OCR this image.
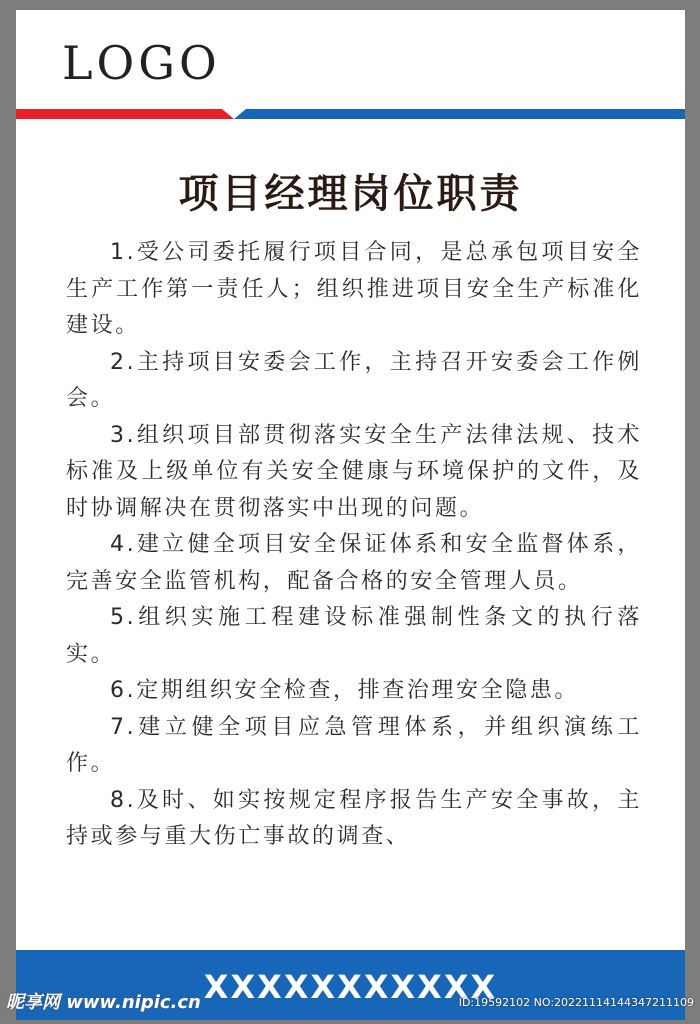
LOGO
项目经理岗位职责

1.受公司委托履行项目合同，是总承包项目安全生产工作第一责任人；组织推进项目安全生产标准化建设。

2.主持项目安委会工作，主持召开安委会工作例会。

3.组织项目部贯彻落实安全生产法律法规、技术标准及上级单位有关安全健康与环境保护的文件，及时协调解决在贯彻落实中出现的问题。

4.建立健全项目安全保证体系和安全监督体系，完善安全监管机构，配备合格的安全管理人员。

5.组织实施工程建设标准强制性条文的执行落实。

6.定期组织安全检查，排查治理安全隐患。

7.建立健全项目应急管理体系，并组织演练工作。

8.及时、如实按规定程序报告生产安全事故，主持或参与重大伤亡事故的调查、

XXXXXXXXXXX
昵享网 www.nipic.cn	ID:19592102 NO:20221114144347211109
